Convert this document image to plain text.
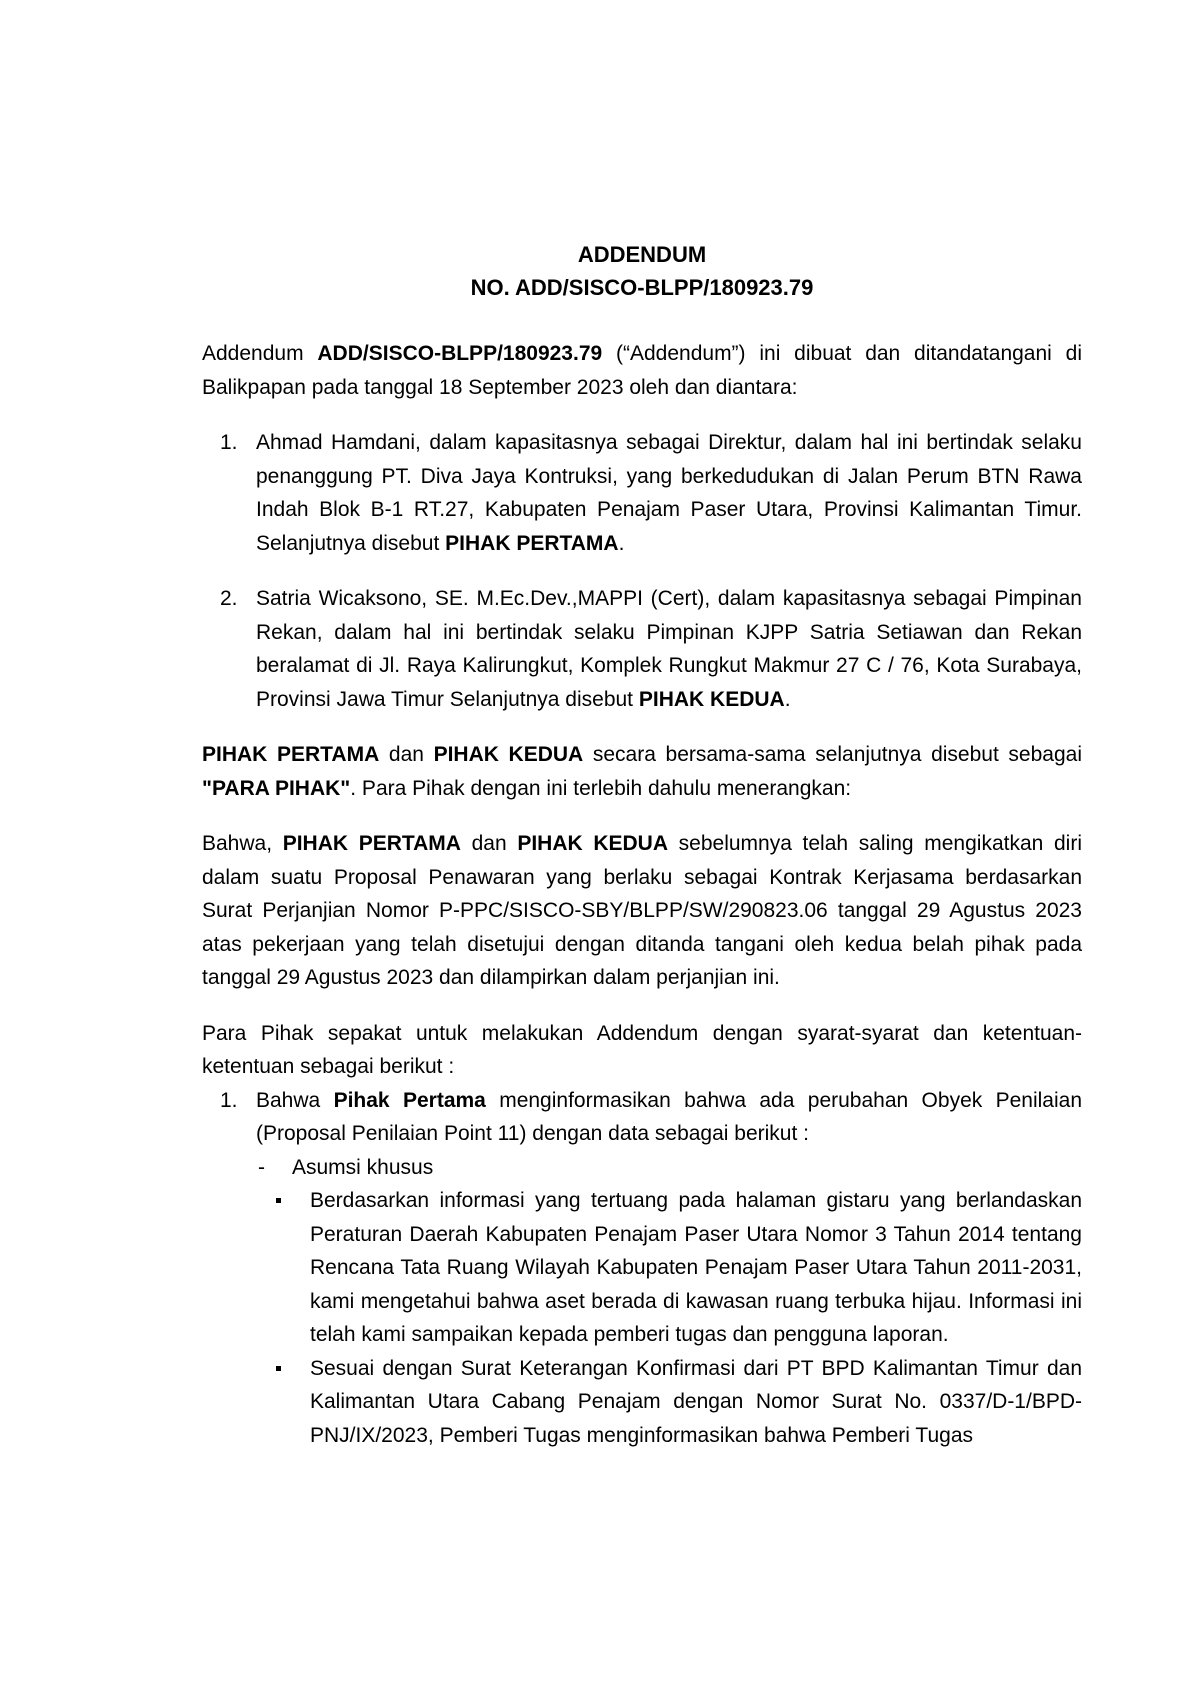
ADDENDUM
NO. ADD/SISCO-BLPP/180923.79

Addendum ADD/SISCO-BLPP/180923.79 (“Addendum”) ini dibuat dan ditandatangani di Balikpapan pada tanggal 18 September 2023 oleh dan diantara:

1. Ahmad Hamdani, dalam kapasitasnya sebagai Direktur, dalam hal ini bertindak selaku penanggung PT. Diva Jaya Kontruksi, yang berkedudukan di Jalan Perum BTN Rawa Indah Blok B-1 RT.27, Kabupaten Penajam Paser Utara, Provinsi Kalimantan Timur. Selanjutnya disebut PIHAK PERTAMA.
2. Satria Wicaksono, SE. M.Ec.Dev.,MAPPI (Cert), dalam kapasitasnya sebagai Pimpinan Rekan, dalam hal ini bertindak selaku Pimpinan KJPP Satria Setiawan dan Rekan beralamat di Jl. Raya Kalirungkut, Komplek Rungkut Makmur 27 C / 76, Kota Surabaya, Provinsi Jawa Timur Selanjutnya disebut PIHAK KEDUA.

PIHAK PERTAMA dan PIHAK KEDUA secara bersama-sama selanjutnya disebut sebagai "PARA PIHAK". Para Pihak dengan ini terlebih dahulu menerangkan:

Bahwa, PIHAK PERTAMA dan PIHAK KEDUA sebelumnya telah saling mengikatkan diri dalam suatu Proposal Penawaran yang berlaku sebagai Kontrak Kerjasama berdasarkan Surat Perjanjian Nomor P-PPC/SISCO-SBY/BLPP/SW/290823.06 tanggal 29 Agustus 2023 atas pekerjaan yang telah disetujui dengan ditanda tangani oleh kedua belah pihak pada tanggal 29 Agustus 2023 dan dilampirkan dalam perjanjian ini.

Para Pihak sepakat untuk melakukan Addendum dengan syarat-syarat dan ketentuan-ketentuan sebagai berikut :

1. Bahwa Pihak Pertama menginformasikan bahwa ada perubahan Obyek Penilaian (Proposal Penilaian Point 11) dengan data sebagai berikut :
- Asumsi khusus
Berdasarkan informasi yang tertuang pada halaman gistaru yang berlandaskan Peraturan Daerah Kabupaten Penajam Paser Utara Nomor 3 Tahun 2014 tentang Rencana Tata Ruang Wilayah Kabupaten Penajam Paser Utara Tahun 2011-2031, kami mengetahui bahwa aset berada di kawasan ruang terbuka hijau. Informasi ini telah kami sampaikan kepada pemberi tugas dan pengguna laporan.
Sesuai dengan Surat Keterangan Konfirmasi dari PT BPD Kalimantan Timur dan Kalimantan Utara Cabang Penajam dengan Nomor Surat No. 0337/D-1/BPD-PNJ/IX/2023, Pemberi Tugas menginformasikan bahwa Pemberi Tugas
